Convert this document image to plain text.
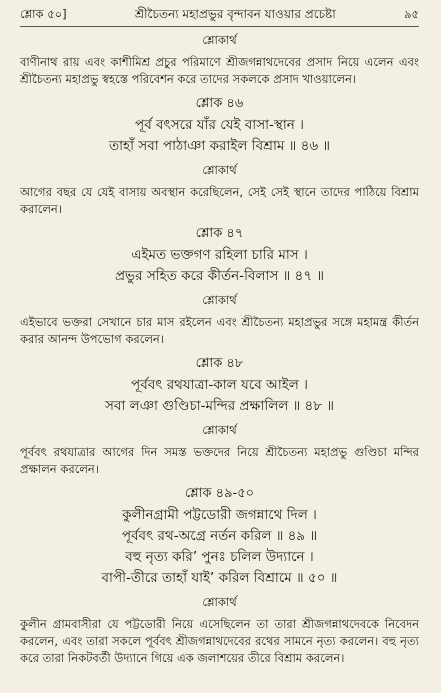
শ্লোক ৫০]	শ্রীচৈতন্য মহাপ্রভুর বৃন্দাবন যাওয়ার প্রচেষ্টা	৯৫
শ্লোকার্থ
বাণীনাথ রায় এবং কাশীমিশ্র প্রচুর পরিমাণে শ্রীজগন্নাথদেবের প্রসাদ নিয়ে এলেন এবং শ্রীচৈতন্য মহাপ্রভু স্বহস্তে পরিবেশন করে তাদের সকলকে প্রসাদ খাওয়ালেন।
শ্লোক ৪৬
পূর্ব বৎসরে যাঁর যেই বাসা-স্থান ।
তাহাঁ সবা পাঠাঞা করাইল বিশ্রাম ॥ ৪৬ ॥
শ্লোকার্থ
আগের বছর যে যেই বাসায় অবস্থান করেছিলেন, সেই সেই স্থানে তাদের পাঠিয়ে বিশ্রাম করালেন।
শ্লোক ৪৭
এইমত ভক্তগণ রহিলা চারি মাস ।
প্রভুর সহিত করে কীর্তন-বিলাস ॥ ৪৭ ॥
শ্লোকার্থ
এইভাবে ভক্তরা সেখানে চার মাস রইলেন এবং শ্রীচৈতন্য মহাপ্রভুর সঙ্গে মহামন্ত্র কীর্তন করার আনন্দ উপভোগ করলেন।
শ্লোক ৪৮
পূর্ববৎ রথযাত্রা-কাল যবে আইল ।
সবা লঞা গুণ্ডিচা-মন্দির প্রক্ষালিল ॥ ৪৮ ॥
শ্লোকার্থ
পূর্ববৎ রথযাত্রার আগের দিন সমস্ত ভক্তদের নিয়ে শ্রীচৈতন্য মহাপ্রভু গুণ্ডিচা মন্দির প্রক্ষালন করলেন।
শ্লোক ৪৯-৫০
কুলীনগ্রামী পট্টডোরী জগন্নাথে দিল ।
পূর্ববৎ রথ-অগ্রে নর্তন করিল ॥ ৪৯ ॥
বহু নৃত্য করি’ পুনঃ চলিল উদ্যানে ।
বাপী-তীরে তাহাঁ যাই’ করিল বিশ্রামে ॥ ৫০ ॥
শ্লোকার্থ
কুলীন গ্রামবাসীরা যে পট্টডোরী নিয়ে এসেছিলেন তা তারা শ্রীজগন্নাথদেবকে নিবেদন করলেন, এবং তারা সকলে পূর্ববৎ শ্রীজগন্নাথদেবের রথের সামনে নৃত্য করলেন। বহু নৃত্য করে তারা নিকটবর্তী উদ্যানে গিয়ে এক জলাশয়ের তীরে বিশ্রাম করলেন।
